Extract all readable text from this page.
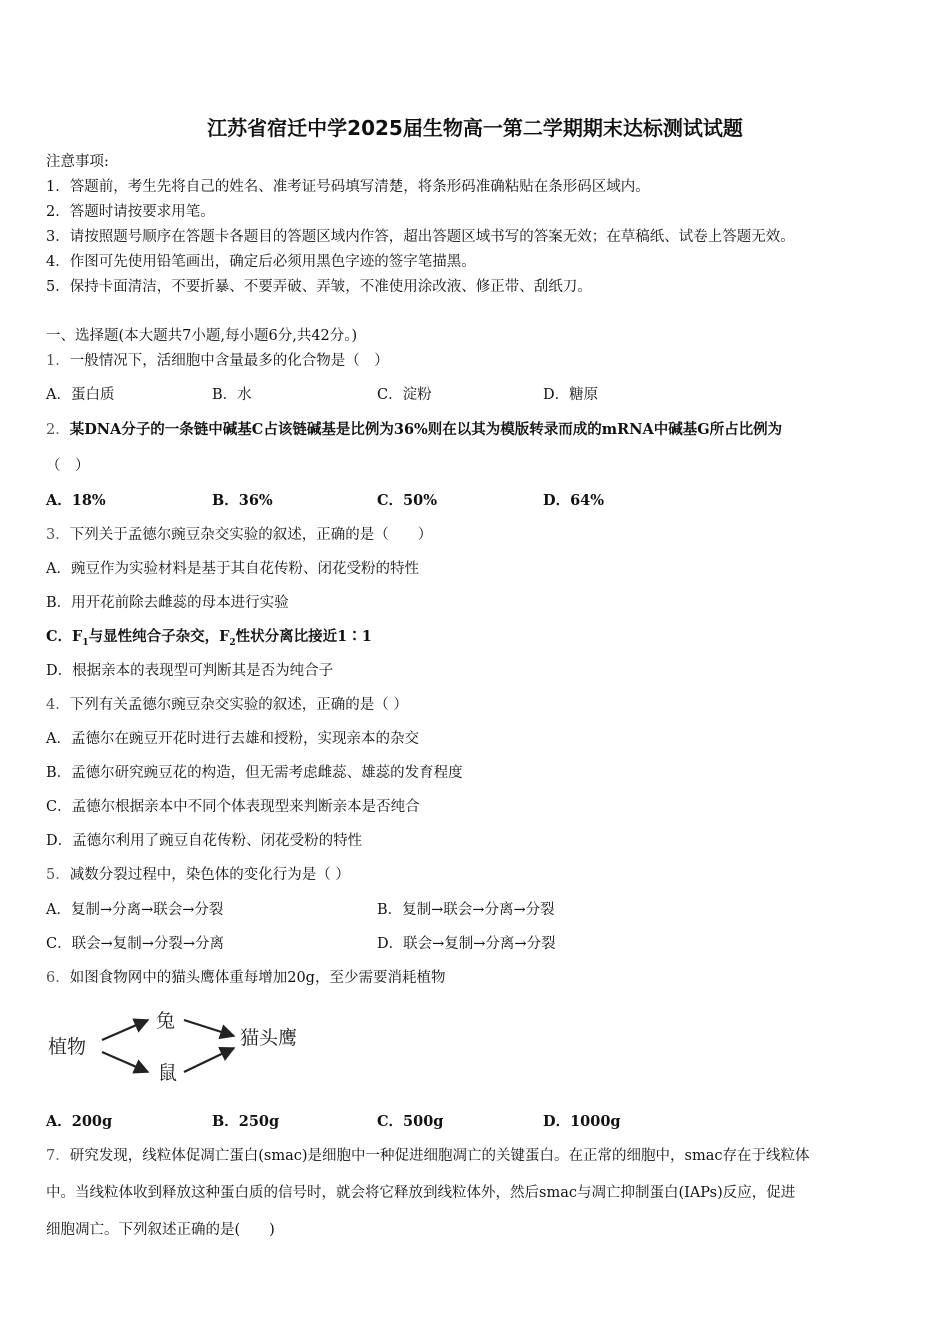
江苏省宿迁中学2025届生物高一第二学期期末达标测试试题
注意事项:
1．答题前，考生先将自己的姓名、准考证号码填写清楚，将条形码准确粘贴在条形码区域内。
2．答题时请按要求用笔。
3．请按照题号顺序在答题卡各题目的答题区域内作答，超出答题区域书写的答案无效；在草稿纸、试卷上答题无效。
4．作图可先使用铅笔画出，确定后必须用黑色字迹的签字笔描黑。
5．保持卡面清洁，不要折暴、不要弄破、弄皱，不准使用涂改液、修正带、刮纸刀。
一、选择题(本大题共7小题,每小题6分,共42分。)
1．一般情况下，活细胞中含量最多的化合物是（　）
A．蛋白质	B．水	C．淀粉	D．糖原
2．某DNA分子的一条链中碱基C占该链碱基是比例为36%则在以其为模版转录而成的mRNA中碱基G所占比例为
（　）
A．18%	B．36%	C．50%	D．64%
3．下列关于孟德尔豌豆杂交实验的叙述，正确的是（　　）
A．豌豆作为实验材料是基于其自花传粉、闭花受粉的特性
B．用开花前除去雌蕊的母本进行实验
C．$F_1$与显性纯合子杂交，$F_2$性状分离比接近1∶1
D．根据亲本的表现型可判断其是否为纯合子
4．下列有关孟德尔豌豆杂交实验的叙述，正确的是（ ）
A．孟德尔在豌豆开花时进行去雄和授粉，实现亲本的杂交
B．孟德尔研究豌豆花的构造，但无需考虑雌蕊、雄蕊的发育程度
C．孟德尔根据亲本中不同个体表现型来判断亲本是否纯合
D．孟德尔利用了豌豆自花传粉、闭花受粉的特性
5．减数分裂过程中，染色体的变化行为是（ ）
A．复制→分离→联会→分裂	B．复制→联会→分离→分裂
C．联会→复制→分裂→分离	D．联会→复制→分离→分裂
6．如图食物网中的猫头鹰体重每增加20g，至少需要消耗植物
植物
兔
鼠
猫头鹰
A．200g	B．250g	C．500g	D．1000g
7．研究发现，线粒体促凋亡蛋白(smac)是细胞中一种促进细胞凋亡的关键蛋白。在正常的细胞中，smac存在于线粒体
中。当线粒体收到释放这种蛋白质的信号时，就会将它释放到线粒体外，然后smac与凋亡抑制蛋白(IAPs)反应，促进
细胞凋亡。下列叙述正确的是(　　)
